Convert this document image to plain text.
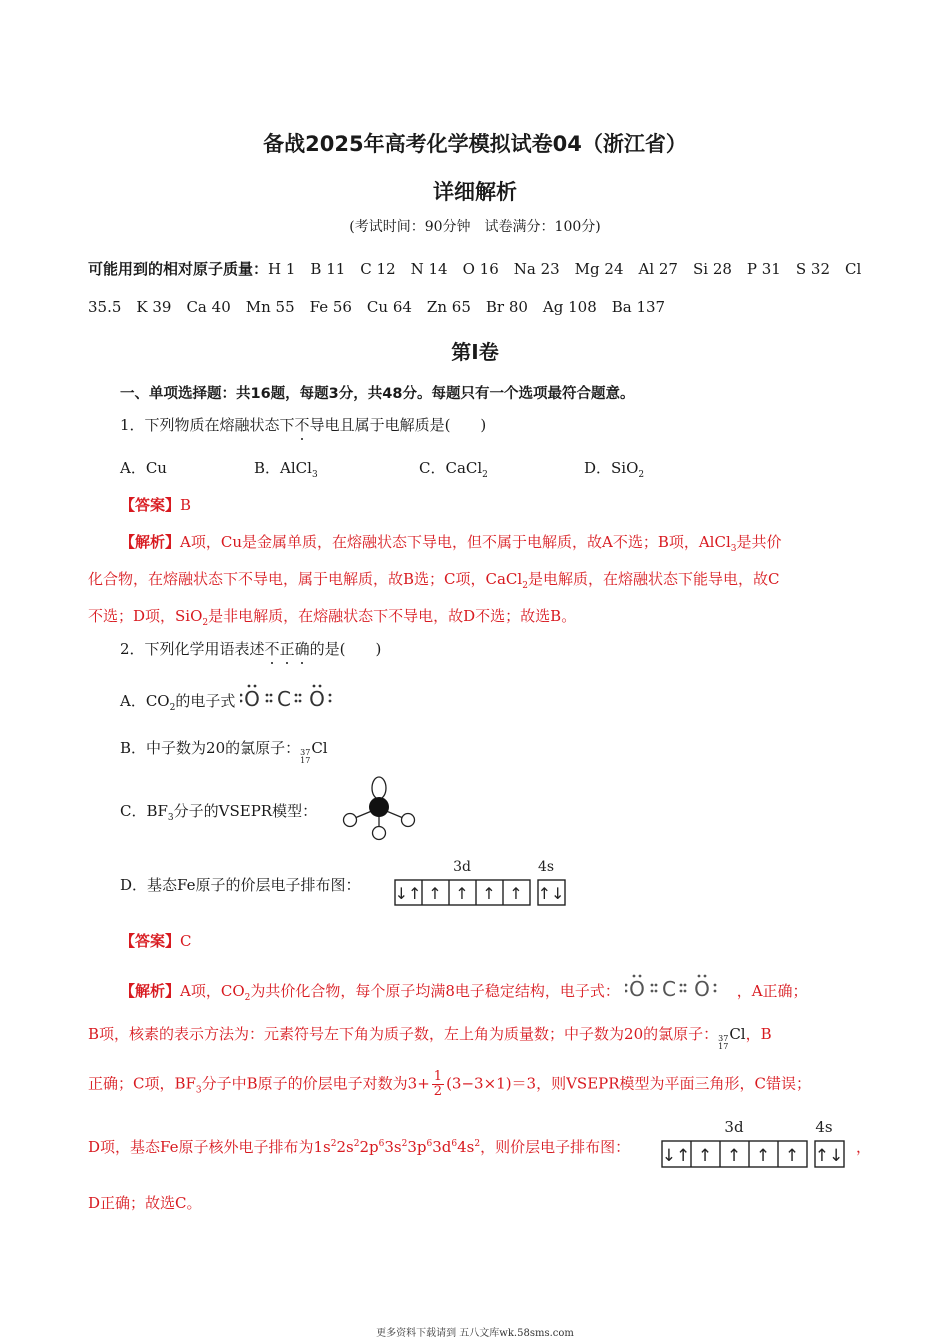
备战2025年高考化学模拟试卷04（浙江省）
详细解析
(考试时间：90分钟　试卷满分：100分)
可能用到的相对原子质量：H 1　B 11　C 12　N 14　O 16　Na 23　Mg 24　Al 27　Si 28　P 31　S 32　Cl
35.5　K 39　Ca 40　Mn 55　Fe 56　Cu 64　Zn 65　Br 80　Ag 108　Ba 137
第Ⅰ卷
一、单项选择题：共16题，每题3分，共48分。每题只有一个选项最符合题意。
1．下列物质在熔融状态下不导电且属于电解质是(　　)
A．Cu	B．AlCl$_3$	C．CaCl$_2$	D．SiO$_2$
【答案】B
【解析】A项，Cu是金属单质，在熔融状态下导电，但不属于电解质，故A不选；B项，AlCl$_3$是共价
化合物，在熔融状态下不导电，属于电解质，故B选；C项，CaCl$_2$是电解质，在熔融状态下能导电，故C
不选；D项，SiO$_2$是非电解质，在熔融状态下不导电，故D不选；故选B。
2．下列化学用语表述不正确的是(　　)
A．$CO_2$的电子式 O C O
B．中子数为20的氯原子： 37
17
Cl
C．$BF_3$分子的VSEPR模型：
D．基态Fe原子的价层电子排布图：
3d	4s
↓↑ ↑ ↑ ↑ ↑ ↑↓
【答案】C
【解析】A项，$CO_2$为共价化合物，每个原子均满8电子稳定结构，电子式： O C O ，A正确；
B项，核素的表示方法为：元素符号左下角为质子数，左上角为质量数；中子数为20的氯原子： 37
17
Cl，B
正确；C项，$BF_3$分子中B原子的价层电子对数为$3+ \frac{1}{2} (3-3\times 1)=3$，则VSEPR模型为平面三角形，C错误；
D项，基态Fe原子核外电子排布为$1s^22s^22p^63s^23p^63d^64s^2$，则价层电子排布图：
3d	4s
↓↑ ↑ ↑ ↑ ↑ ↑↓ ，
D正确；故选C。
更多资料下载请到 五八文库wk.58sms.com
